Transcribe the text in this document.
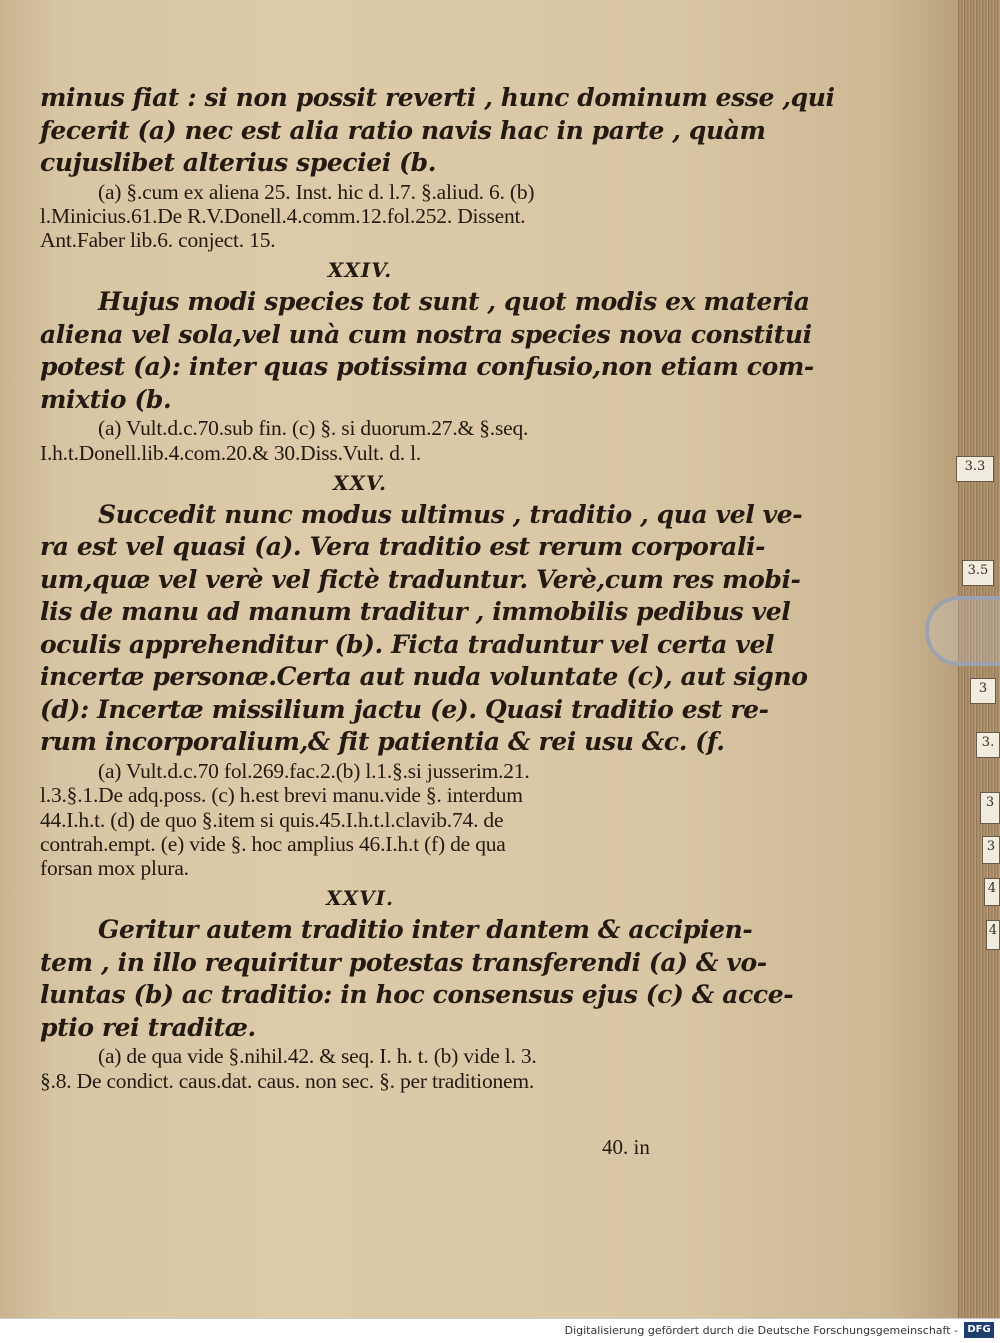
3.3
3.5
3
3.
3
3
4
4
minus fiat : si non possit reverti , hunc dominum esse ,qui
fecerit (a) nec est alia ratio navis hac in parte , quàm
cujuslibet alterius speciei (b.
(a) §.cum ex aliena 25. Inst. hic d. l.7. §.aliud. 6. (b)
l.Minicius.61.De R.V.Donell.4.comm.12.fol.252. Dissent.
Ant.Faber lib.6. conject. 15.
XXIV.
Hujus modi species tot sunt , quot modis ex materia
aliena vel sola,vel unà cum nostra species nova constitui
potest (a): inter quas potissima confusio,non etiam com-
mixtio (b.
(a) Vult.d.c.70.sub fin. (c) §. si duorum.27.& §.seq.
I.h.t.Donell.lib.4.com.20.& 30.Diss.Vult. d. l.
XXV.
Succedit nunc modus ultimus , traditio , qua vel ve-
ra est vel quasi (a). Vera traditio est rerum corporali-
um,quæ vel verè vel fictè traduntur. Verè,cum res mobi-
lis de manu ad manum traditur , immobilis pedibus vel
oculis apprehenditur (b). Ficta traduntur vel certa vel
incertæ personæ.Certa aut nuda voluntate (c), aut signo
(d): Incertæ missilium jactu (e). Quasi traditio est re-
rum incorporalium,& fit patientia & rei usu &c. (f.
(a) Vult.d.c.70 fol.269.fac.2.(b) l.1.§.si jusserim.21.
l.3.§.1.De adq.poss. (c) h.est brevi manu.vide §. interdum
44.I.h.t. (d) de quo §.item si quis.45.I.h.t.l.clavib.74. de
contrah.empt. (e) vide §. hoc amplius 46.I.h.t (f) de qua
forsan mox plura.
XXVI.
Geritur autem traditio inter dantem & accipien-
tem , in illo requiritur potestas transferendi (a) & vo-
luntas (b) ac traditio: in hoc consensus ejus (c) & acce-
ptio rei traditæ.
(a) de qua vide §.nihil.42. & seq. I. h. t. (b) vide l. 3.
§.8. De condict. caus.dat. caus. non sec. §. per traditionem.
40. in
Digitalisierung gefördert durch die Deutsche Forschungsgemeinschaft - DFG
